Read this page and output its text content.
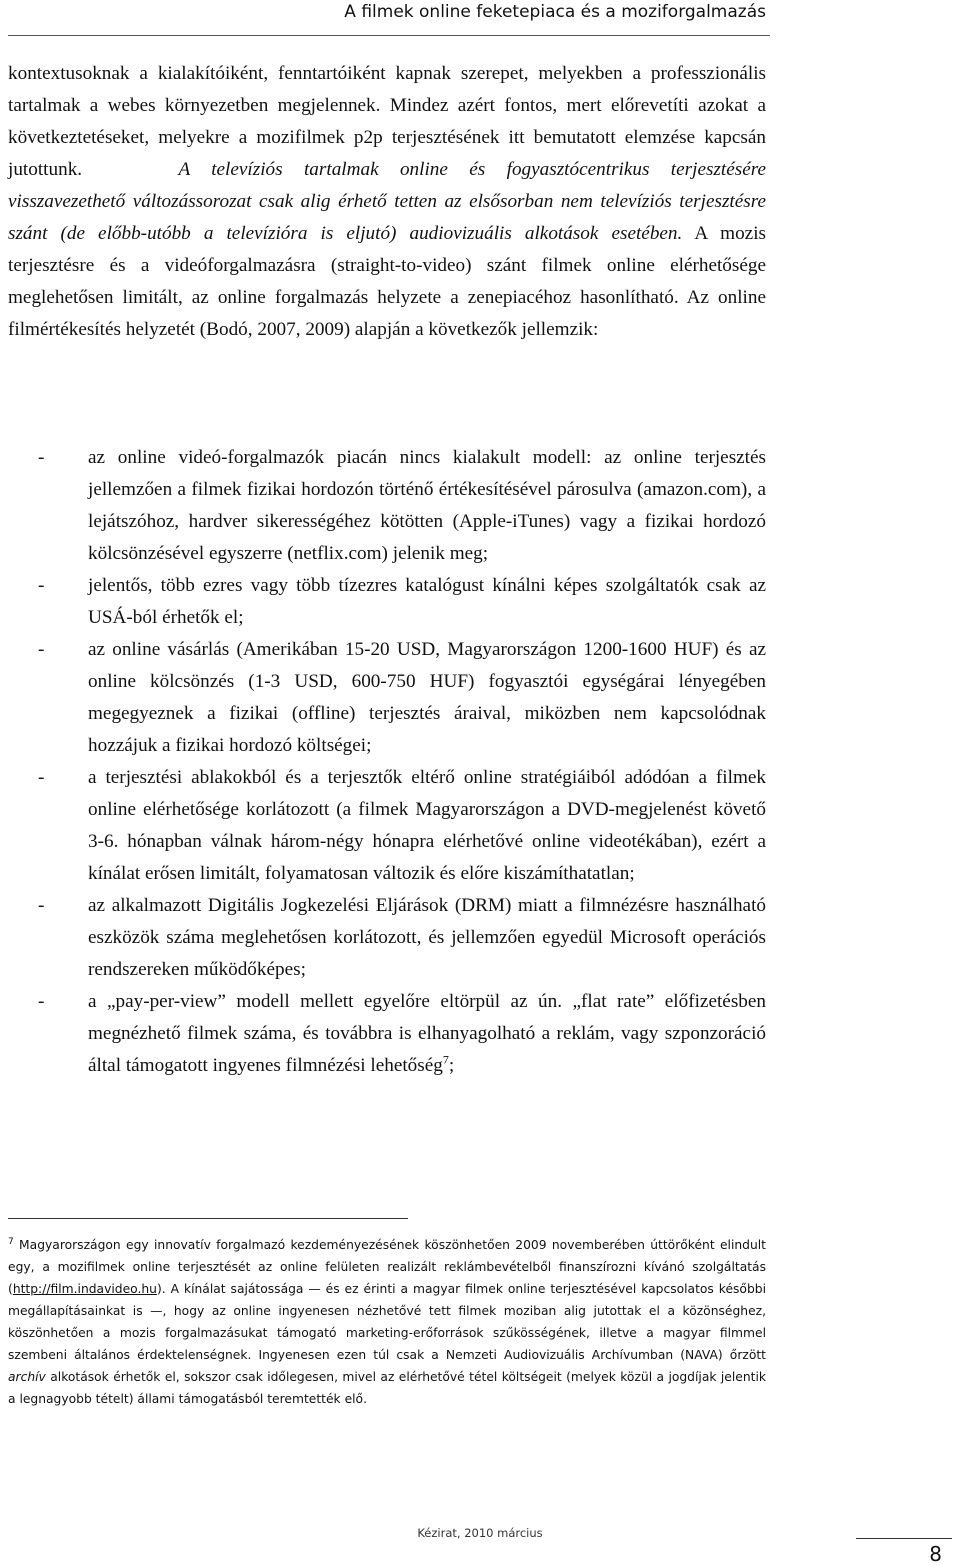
A filmek online feketepiaca és a moziforgalmazás

kontextusoknak a kialakítóiként, fenntartóiként kapnak szerepet, melyekben a professzionális tartalmak a webes környezetben megjelennek. Mindez azért fontos, mert előrevetíti azokat a következtetéseket, melyekre a mozifilmek p2p terjesztésének itt bemutatott elemzése kapcsán jutottunk.	A televíziós tartalmak online és fogyasztócentrikus terjesztésére visszavezethető változássorozat csak alig érhető tetten az elsősorban nem televíziós terjesztésre szánt (de előbb-utóbb a televízióra is eljutó) audiovizuális alkotások esetében. A mozis terjesztésre és a videóforgalmazásra (straight-to-video) szánt filmek online elérhetősége meglehetősen limitált, az online forgalmazás helyzete a zenepiacéhoz hasonlítható. Az online filmértékesítés helyzetét (Bodó, 2007, 2009) alapján a következők jellemzik:

- az online videó-forgalmazók piacán nincs kialakult modell: az online terjesztés jellemzően a filmek fizikai hordozón történő értékesítésével párosulva (amazon.com), a lejátszóhoz, hardver sikerességéhez kötötten (Apple-iTunes) vagy a fizikai hordozó kölcsönzésével egyszerre (netflix.com) jelenik meg;
- jelentős, több ezres vagy több tízezres katalógust kínálni képes szolgáltatók csak az USÁ-ból érhetők el;
- az online vásárlás (Amerikában 15-20 USD, Magyarországon 1200-1600 HUF) és az online kölcsönzés (1-3 USD, 600-750 HUF) fogyasztói egységárai lényegében megegyeznek a fizikai (offline) terjesztés áraival, miközben nem kapcsolódnak hozzájuk a fizikai hordozó költségei;
- a terjesztési ablakokból és a terjesztők eltérő online stratégiáiból adódóan a filmek online elérhetősége korlátozott (a filmek Magyarországon a DVD-megjelenést követő 3-6. hónapban válnak három-négy hónapra elérhetővé online videotékában), ezért a kínálat erősen limitált, folyamatosan változik és előre kiszámíthatatlan;
- az alkalmazott Digitális Jogkezelési Eljárások (DRM) miatt a filmnézésre használható eszközök száma meglehetősen korlátozott, és jellemzően egyedül Microsoft operációs rendszereken működőképes;
- a „pay-per-view” modell mellett egyelőre eltörpül az ún. „flat rate” előfizetésben megnézhető filmek száma, és továbbra is elhanyagolható a reklám, vagy szponzoráció által támogatott ingyenes filmnézési lehetőség$^7$;

$^7$ Magyarországon egy innovatív forgalmazó kezdeményezésének köszönhetően 2009 novemberében úttörőként elindult egy, a mozifilmek online terjesztését az online felületen realizált reklámbevételből finanszírozni kívánó szolgáltatás (http://film.indavideo.hu). A kínálat sajátossága — és ez érinti a magyar filmek online terjesztésével kapcsolatos későbbi megállapításainkat is —, hogy az online ingyenesen nézhetővé tett filmek moziban alig jutottak el a közönséghez, köszönhetően a mozis forgalmazásukat támogató marketing-erőforrások szűkösségének, illetve a magyar filmmel szembeni általános érdektelenségnek. Ingyenesen ezen túl csak a Nemzeti Audiovizuális Archívumban (NAVA) őrzött archív alkotások érhetők el, sokszor csak időlegesen, mivel az elérhetővé tétel költségeit (melyek közül a jogdíjak jelentik a legnagyobb tételt) állami támogatásból teremtették elő.

Kézirat, 2010 március
8
